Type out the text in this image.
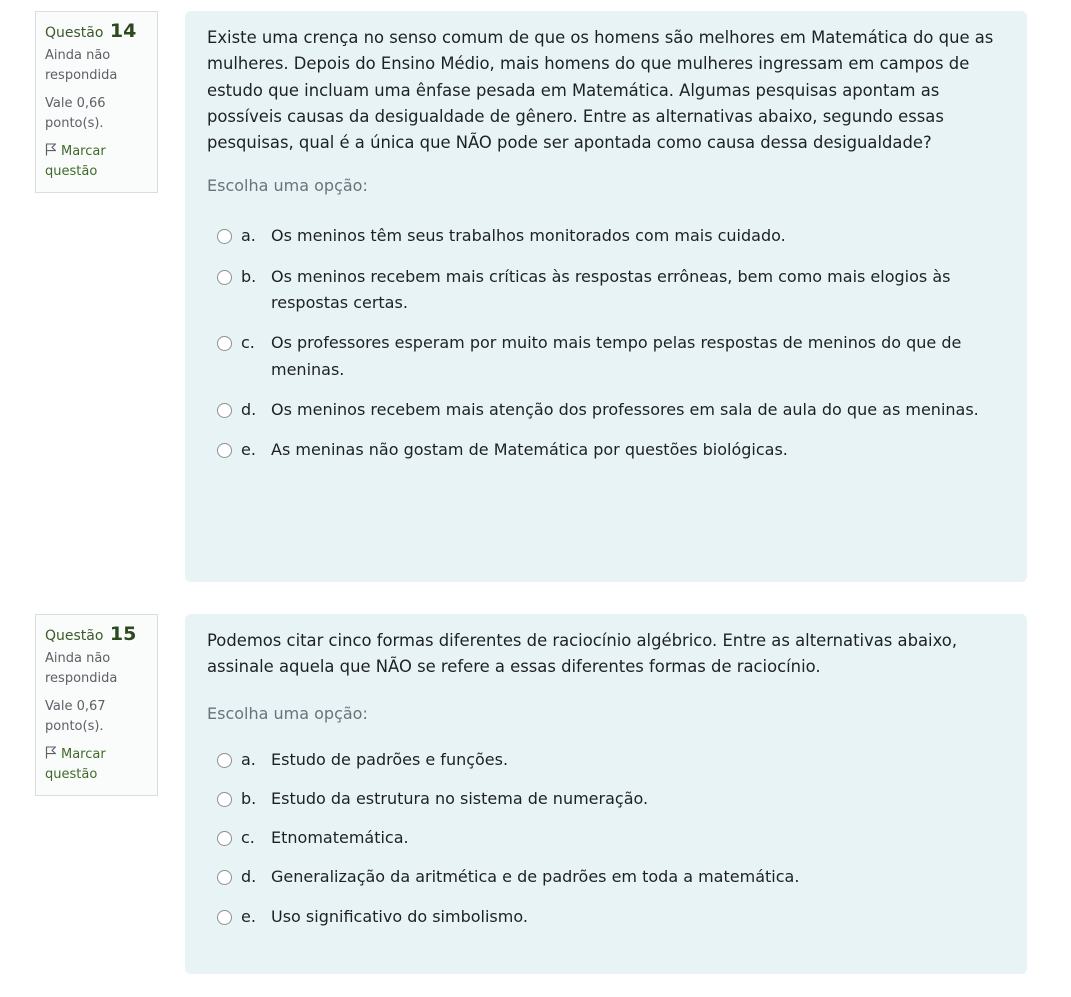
Questão 14
Ainda não respondida
Vale 0,66 ponto(s).
Marcar questão

Existe uma crença no senso comum de que os homens são melhores em Matemática do que as mulheres. Depois do Ensino Médio, mais homens do que mulheres ingressam em campos de estudo que incluam uma ênfase pesada em Matemática. Algumas pesquisas apontam as possíveis causas da desigualdade de gênero. Entre as alternativas abaixo, segundo essas pesquisas, qual é a única que NÃO pode ser apontada como causa dessa desigualdade?

Escolha uma opção:
a. Os meninos têm seus trabalhos monitorados com mais cuidado.
b. Os meninos recebem mais críticas às respostas errôneas, bem como mais elogios às respostas certas.
c.	Os professores esperam por muito mais tempo pelas respostas de meninos do que de meninas.
d. Os meninos recebem mais atenção dos professores em sala de aula do que as meninas.
e. As meninas não gostam de Matemática por questões biológicas.
Questão 15
Ainda não respondida
Vale 0,67 ponto(s).
Marcar questão

Podemos citar cinco formas diferentes de raciocínio algébrico. Entre as alternativas abaixo, assinale aquela que NÃO se refere a essas diferentes formas de raciocínio.

Escolha uma opção:
a. Estudo de padrões e funções.
b. Estudo da estrutura no sistema de numeração.
c.	Etnomatemática.
d. Generalização da aritmética e de padrões em toda a matemática.
e. Uso significativo do simbolismo.
